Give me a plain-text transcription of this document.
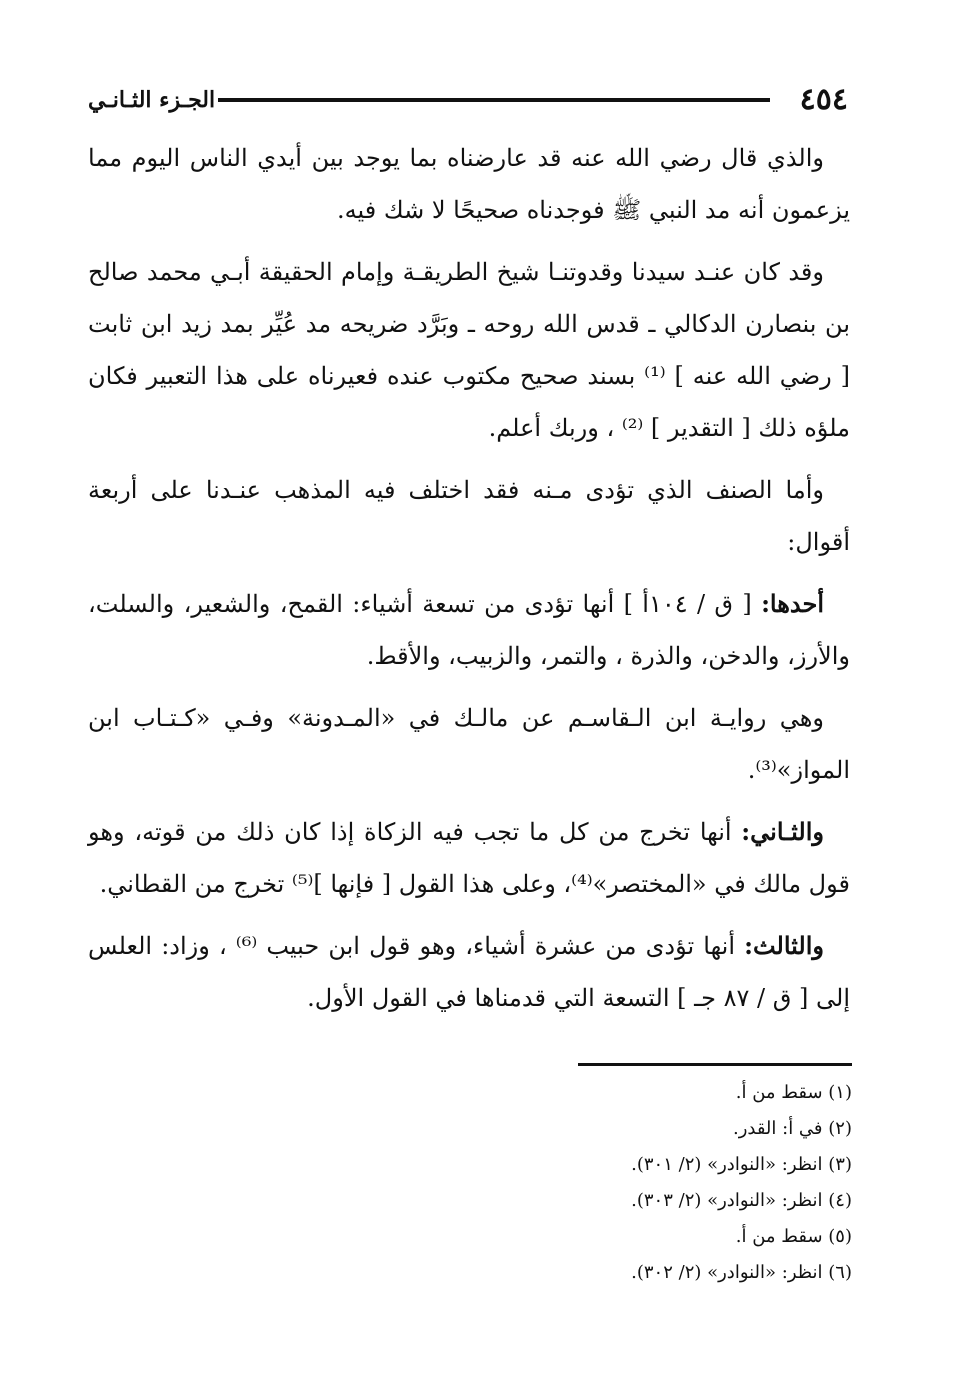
٤٥٤
الجـزء الثـانـي

والذي قال رضي الله عنه قد عارضناه بما يوجد بين أيدي الناس اليوم مما يزعمون أنه مد النبي ﷺ فوجدناه صحيحًا لا شك فيه.

وقد كان عنـد سيدنا وقدوتنـا شيخ الطريقـة وإمام الحقيقة أبـي محمد صالح بن بنصارن الدكالي ـ قدس الله روحه ـ وبَرَّد ضريحه مد عُيِّر بمد زيد ابن ثابت [ رضي الله عنه ] ⁽¹⁾ بسند صحيح مكتوب عنده فعيرناه على هذا التعبير فكان ملؤه ذلك [ التقدير ] ⁽²⁾ ، وربك أعلم.

وأما الصنف الذي تؤدى مـنه فقد اختلف فيه المذهب عنـدنا على أربعة أقوال:

أحدها: [ ق / ١٠٤أ ] أنها تؤدى من تسعة أشياء: القمح، والشعير، والسلت، والأرز، والدخن، والذرة ، والتمر، والزبيب، والأقط.

وهي روايـة ابن الـقاسـم عن مالـك في «المـدونة» وفـي «كـتـاب ابن المواز»⁽³⁾.

والثـاني: أنها تخرج من كل ما تجب فيه الزكاة إذا كان ذلك من قوته، وهو قول مالك في «المختصر»⁽⁴⁾، وعلى هذا القول [ فإنها ]⁽⁵⁾ تخرج من القطاني.

والثالث: أنها تؤدى من عشرة أشياء، وهو قول ابن حبيب ⁽⁶⁾ ، وزاد: العلس إلى [ ق / ٨٧ جـ ] التسعة التي قدمناها في القول الأول.

(١) سقط من أ.

(٢) في أ: القدر.

(٣) انظر: «النوادر» (٢/ ٣٠١).

(٤) انظر: «النوادر» (٢/ ٣٠٣).

(٥) سقط من أ.

(٦) انظر: «النوادر» (٢/ ٣٠٢).
